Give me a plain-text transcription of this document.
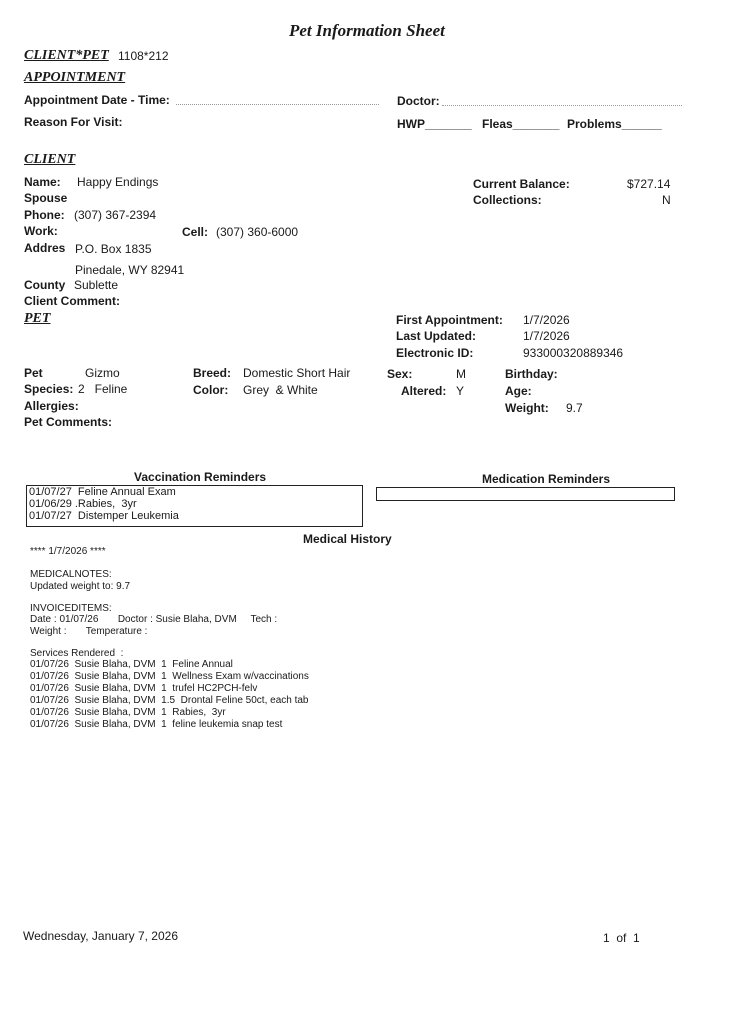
Pet Information Sheet
CLIENT*PET 1108*212
APPOINTMENT
Appointment Date - Time:	Doctor:
Reason For Visit:	HWP_______ Fleas_______ Problems______
CLIENT
Name: Happy Endings
Spouse
Phone: (307) 367-2394
Work:	Cell: (307) 360-6000
Addres P.O. Box 1835
Pinedale, WY 82941
County Sublette
Client Comment:
Current Balance:	$727.14
Collections:	N
PET	First Appointment: 1/7/2026
Last Updated:	1/7/2026
Electronic ID:	933000320889346
Pet	Gizmo	Breed: Domestic Short Hair	Sex:	M	Birthday:
Species: 2   Feline	Color: Grey  & White	Altered: Y	Age:
Allergies:	Weight: 9.7
Pet Comments:
Vaccination Reminders
01/07/27  Feline Annual Exam
01/06/29 .Rabies,  3yr
01/07/27  Distemper Leukemia
Medication Reminders
Medical History
**** 1/7/2026 ****
MEDICALNOTES:
Updated weight to: 9.7
INVOICEDITEMS:
Date : 01/07/26       Doctor : Susie Blaha, DVM     Tech :
Weight :       Temperature :
Services Rendered  :
01/07/26  Susie Blaha, DVM  1  Feline Annual
01/07/26  Susie Blaha, DVM  1  Wellness Exam w/vaccinations
01/07/26  Susie Blaha, DVM  1  trufel HC2PCH-felv
01/07/26  Susie Blaha, DVM  1.5  Drontal Feline 50ct, each tab
01/07/26  Susie Blaha, DVM  1  Rabies,  3yr
01/07/26  Susie Blaha, DVM  1  feline leukemia snap test
Wednesday, January 7, 2026	1  of  1
